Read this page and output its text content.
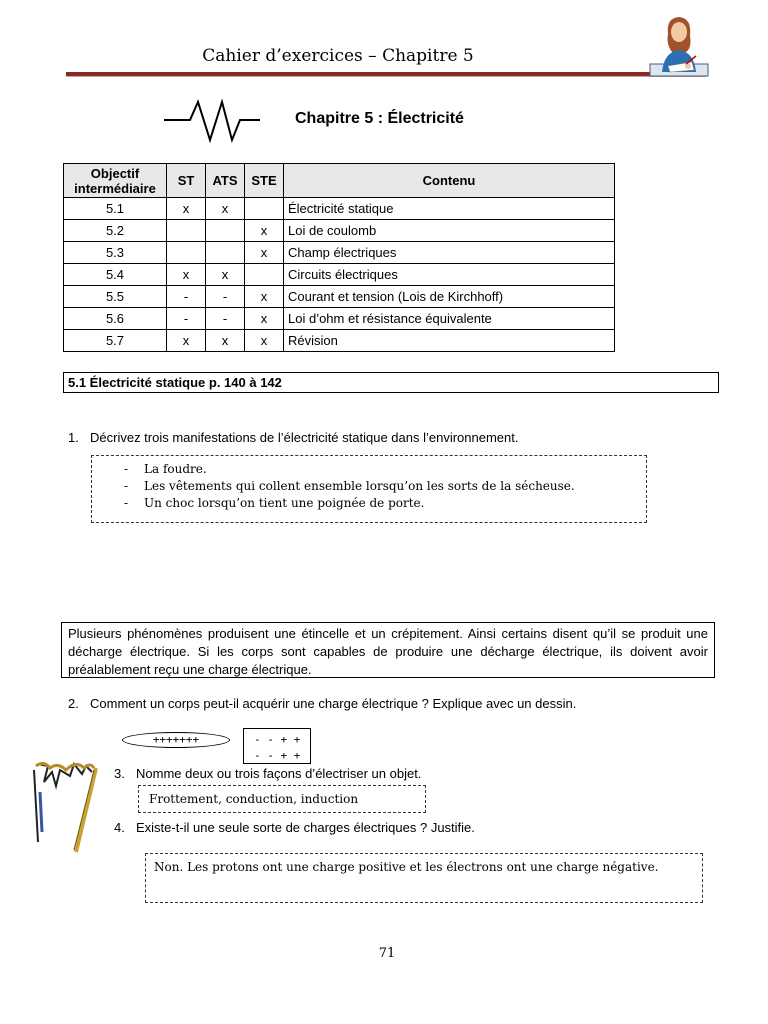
Cahier d’exercices – Chapitre 5
Chapitre 5 : Électricité
Objectif intermédiaire	ST	ATS	STE	Contenu
5.1	x	x		Électricité statique
5.2			x	Loi de coulomb
5.3			x	Champ électriques
5.4	x	x		Circuits électriques
5.5	-	-	x	Courant et tension (Lois de Kirchhoff)
5.6	-	-	x	Loi d’ohm et résistance équivalente
5.7	x	x	x	Révision
5.1 Électricité statique p. 140 à 142
1. Décrivez trois manifestations de l’électricité statique dans l’environnement.
- La foudre.
- Les vêtements qui collent ensemble lorsqu’on les sorts de la sécheuse.
- Un choc lorsqu’on tient une poignée de porte.
Plusieurs phénomènes produisent une étincelle et un crépitement. Ainsi certains disent qu’il se produit une décharge électrique. Si les corps sont capables de produire une décharge électrique, ils doivent avoir préalablement reçu une charge électrique.
2. Comment un corps peut-il acquérir une charge électrique ? Explique avec un dessin.
+++++++	- - + +
- - + +
3. Nomme deux ou trois façons d’électriser un objet.
Frottement, conduction, induction
4. Existe-t-il une seule sorte de charges électriques ? Justifie.
Non. Les protons ont une charge positive et les électrons ont une charge négative.
71
